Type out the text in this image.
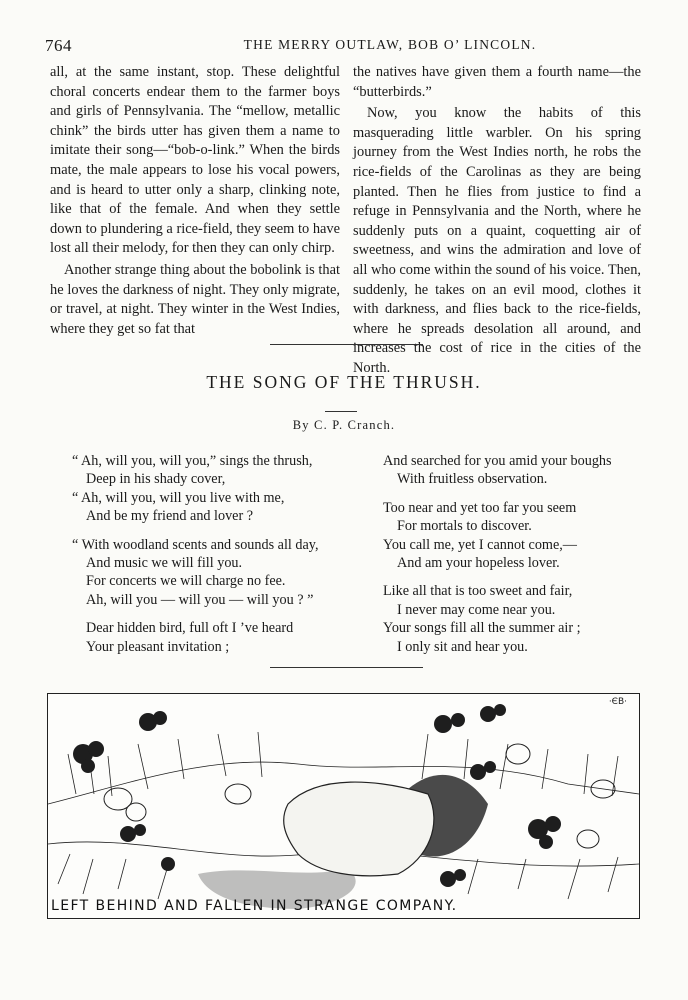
764	THE MERRY OUTLAW, BOB O’ LINCOLN.

all, at the same instant, stop. These delightful choral concerts endear them to the farmer boys and girls of Pennsylvania. The “mellow, metallic chink” the birds utter has given them a name to imitate their song—“bob-o-link.” When the birds mate, the male appears to lose his vocal powers, and is heard to utter only a sharp, clinking note, like that of the female. And when they settle down to plundering a rice-field, they seem to have lost all their melody, for then they can only chirp.

Another strange thing about the bobolink is that he loves the darkness of night. They only migrate, or travel, at night. They winter in the West Indies, where they get so fat that

the natives have given them a fourth name—the “butterbirds.”

Now, you know the habits of this masquerading little warbler. On his spring journey from the West Indies north, he robs the rice-fields of the Carolinas as they are being planted. Then he flies from justice to find a refuge in Pennsylvania and the North, where he suddenly puts on a quaint, coquetting air of sweetness, and wins the admiration and love of all who come within the sound of his voice. Then, suddenly, he takes on an evil mood, clothes it with darkness, and flies back to the rice-fields, where he spreads desolation all around, and increases the cost of rice in the cities of the North.

THE SONG OF THE THRUSH.
By C. P. Cranch.
“ Ah, will you, will you,” sings the thrush,
Deep in his shady cover,
“ Ah, will you, will you live with me,
And be my friend and lover ?
“ With woodland scents and sounds all day,
And music we will fill you.
For concerts we will charge no fee.
Ah, will you — will you — will you ? ”
Dear hidden bird, full oft I ’ve heard
Your pleasant invitation ;
And searched for you amid your boughs
With fruitless observation.
Too near and yet too far you seem
For mortals to discover.
You call me, yet I cannot come,—
And am your hopeless lover.
Like all that is too sweet and fair,
I never may come near you.
Your songs fill all the summer air ;
I only sit and hear you.
·ЄB·
LEFT BEHIND AND FALLEN IN STRANGE COMPANY.
